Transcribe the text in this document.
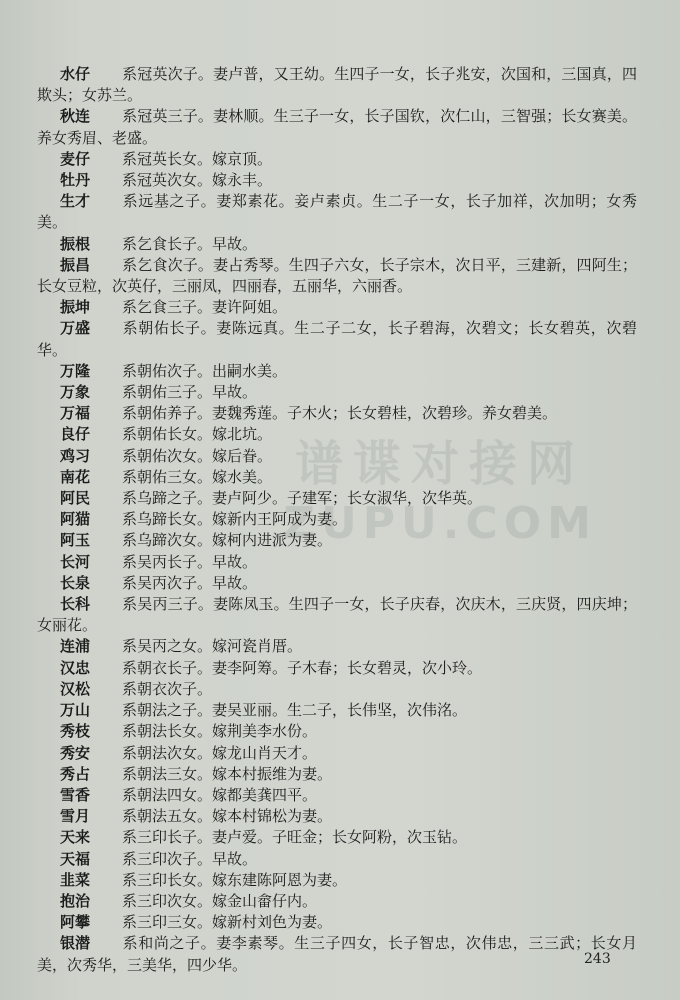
谱谍对接网
ZUPU.COM

水仔 系冠英次子。妻卢普，又王幼。生四子一女，长子兆安，次国和，三国真，四欺头；女苏兰。

秋连 系冠英三子。妻林顺。生三子一女，长子国钦，次仁山，三智强；长女赛美。养女秀眉、老盛。

麦仔 系冠英长女。嫁京顶。

牡丹 系冠英次女。嫁永丰。

生才 系远基之子。妻郑素花。妾卢素贞。生二子一女，长子加祥，次加明；女秀美。

振根 系乞食长子。早故。

振昌 系乞食次子。妻占秀琴。生四子六女，长子宗木，次日平，三建新，四阿生；长女豆粒，次英仔，三丽凤，四丽春，五丽华，六丽香。

振坤 系乞食三子。妻许阿姐。

万盛 系朝佑长子。妻陈远真。生二子二女，长子碧海，次碧文；长女碧英，次碧华。

万隆 系朝佑次子。出嗣水美。

万象 系朝佑三子。早故。

万福 系朝佑养子。妻魏秀莲。子木火；长女碧桂，次碧珍。养女碧美。

良仔 系朝佑长女。嫁北坑。

鸡习 系朝佑次女。嫁后眷。

南花 系朝佑三女。嫁水美。

阿民 系乌蹄之子。妻卢阿少。子建军；长女淑华，次华英。

阿猫 系乌蹄长女。嫁新内王阿成为妻。

阿玉 系乌蹄次女。嫁柯内进派为妻。

长河 系吴丙长子。早故。

长泉 系吴丙次子。早故。

长科 系吴丙三子。妻陈凤玉。生四子一女，长子庆春，次庆木，三庆贤，四庆坤；女丽花。

连浦 系吴丙之女。嫁河瓷肖厝。

汉忠 系朝衣长子。妻李阿筹。子木春；长女碧灵，次小玲。

汉松 系朝衣次子。

万山 系朝法之子。妻吴亚丽。生二子，长伟坚，次伟洺。

秀枝 系朝法长女。嫁荆美李水份。

秀安 系朝法次女。嫁龙山肖天才。

秀占 系朝法三女。嫁本村振维为妻。

雪香 系朝法四女。嫁都美龚四平。

雪月 系朝法五女。嫁本村锦松为妻。

天来 系三印长子。妻卢爱。子旺金；长女阿粉，次玉钻。

天福 系三印次子。早故。

韭菜 系三印长女。嫁东建陈阿恩为妻。

抱治 系三印次女。嫁金山畲仔内。

阿攀 系三印三女。嫁新村刘色为妻。

银潜 系和尚之子。妻李素琴。生三子四女，长子智忠，次伟忠，三三武；长女月美，次秀华，三美华，四少华。	243
